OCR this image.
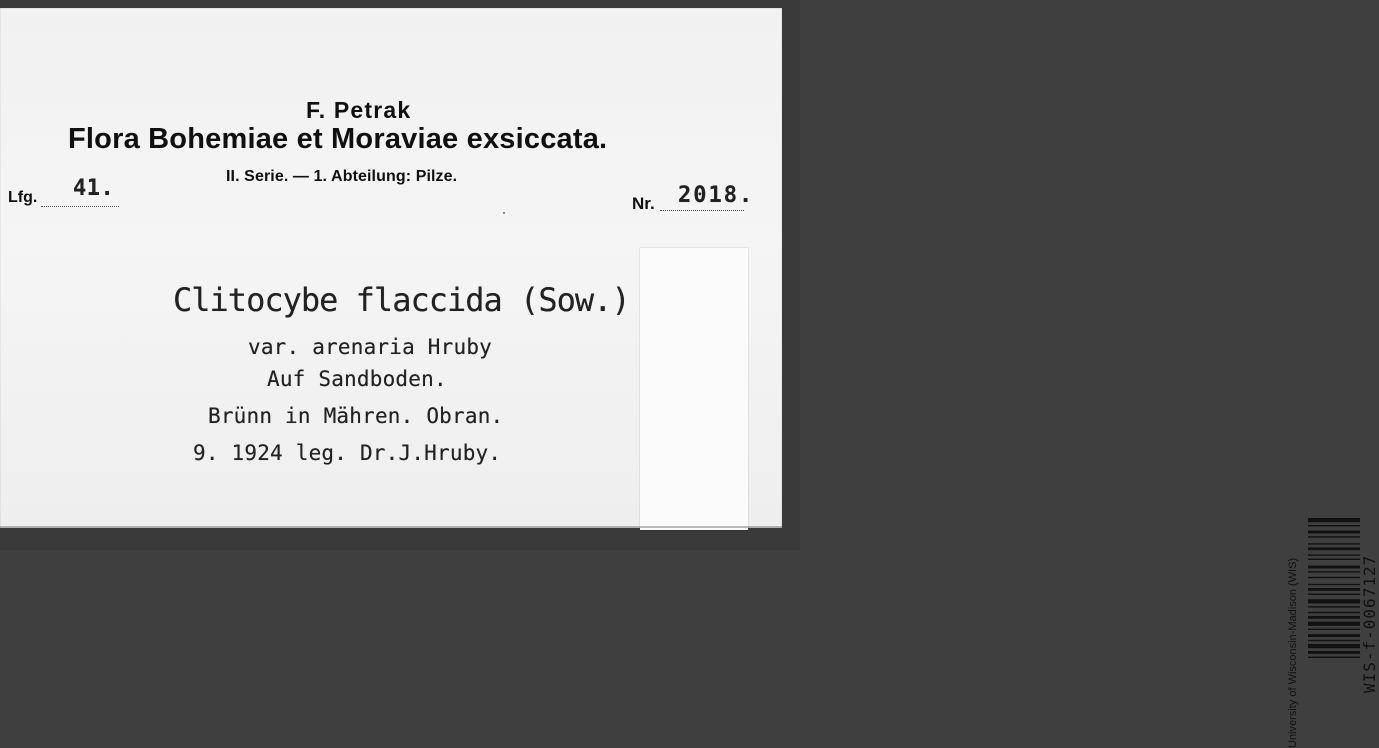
F. Petrak
Flora Bohemiae et Moraviae exsiccata.
II. Serie. — 1. Abteilung: Pilze.
Lfg. 41.
Nr. 2018.
Clitocybe flaccida (Sow.)
var. arenaria Hruby
Auf Sandboden.
Brünn in Mähren. Obran.
9. 1924 leg. Dr.J.Hruby.
University of Wisconsin-Madison (WIS)	WIS-f-0067127
